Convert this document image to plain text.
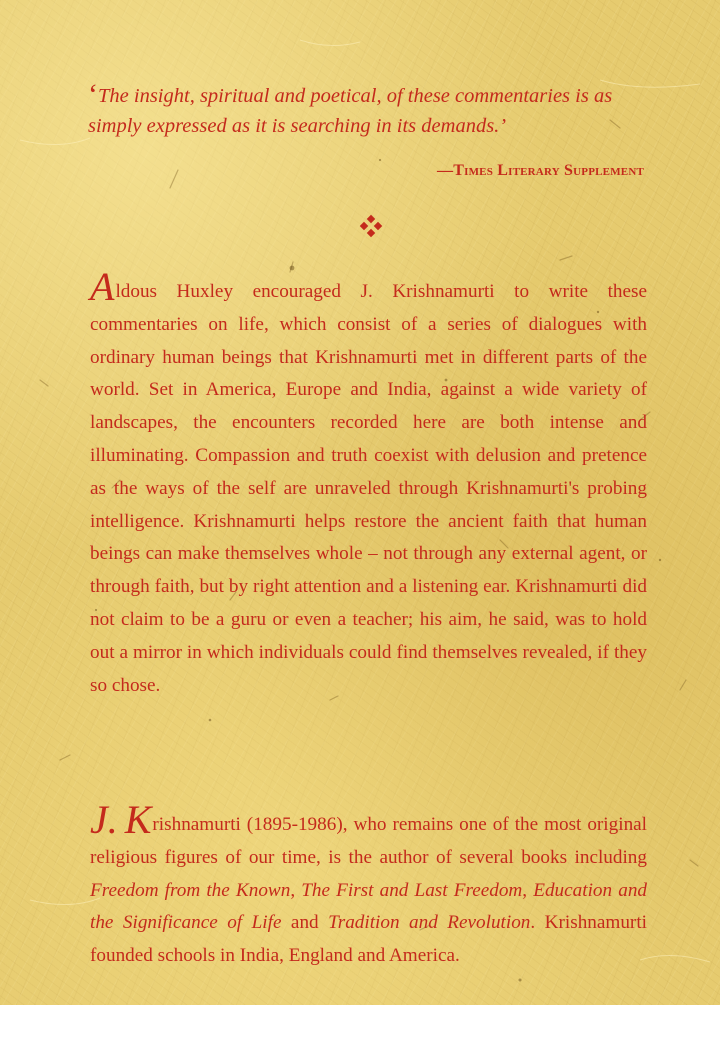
‘The insight, spiritual and poetical, of these commentaries is as simply expressed as it is searching in its demands.’
—Times Literary Supplement
Aldous Huxley encouraged J. Krishnamurti to write these commentaries on life, which consist of a series of dialogues with ordinary human beings that Krishnamurti met in different parts of the world. Set in America, Europe and India, against a wide variety of landscapes, the encounters recorded here are both intense and illuminating. Compassion and truth coexist with delusion and pretence as the ways of the self are unraveled through Krishnamurti's probing intelligence. Krishnamurti helps restore the ancient faith that human beings can make themselves whole – not through any external agent, or through faith, but by right attention and a listening ear. Krishnamurti did not claim to be a guru or even a teacher; his aim, he said, was to hold out a mirror in which individuals could find themselves revealed, if they so chose.
J. Krishnamurti (1895-1986), who remains one of the most original religious figures of our time, is the author of several books including Freedom from the Known, The First and Last Freedom, Education and the Significance of Life and Tradition and Revolution. Krishnamurti founded schools in India, England and America.
